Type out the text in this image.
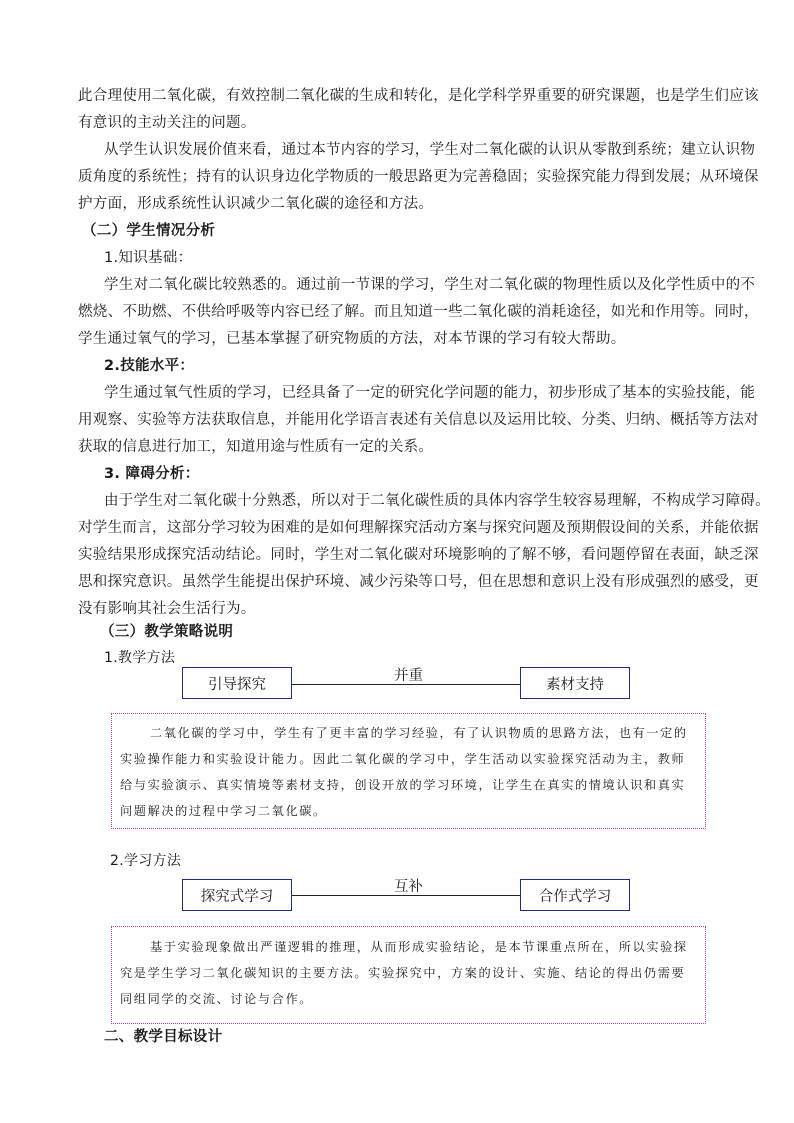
此合理使用二氧化碳，有效控制二氧化碳的生成和转化，是化学科学界重要的研究课题，也是学生们应该
有意识的主动关注的问题。
从学生认识发展价值来看，通过本节内容的学习，学生对二氧化碳的认识从零散到系统；建立认识物
质角度的系统性；持有的认识身边化学物质的一般思路更为完善稳固；实验探究能力得到发展；从环境保
护方面，形成系统性认识减少二氧化碳的途径和方法。
（二）学生情况分析
1.知识基础：
学生对二氧化碳比较熟悉的。通过前一节课的学习，学生对二氧化碳的物理性质以及化学性质中的不
燃烧、不助燃、不供给呼吸等内容已经了解。而且知道一些二氧化碳的消耗途径，如光和作用等。同时，
学生通过氧气的学习，已基本掌握了研究物质的方法，对本节课的学习有较大帮助。
2.技能水平：
学生通过氧气性质的学习，已经具备了一定的研究化学问题的能力，初步形成了基本的实验技能，能
用观察、实验等方法获取信息，并能用化学语言表述有关信息以及运用比较、分类、归纳、概括等方法对
获取的信息进行加工，知道用途与性质有一定的关系。
3. 障碍分析：
由于学生对二氧化碳十分熟悉，所以对于二氧化碳性质的具体内容学生较容易理解，不构成学习障碍。
对学生而言，这部分学习较为困难的是如何理解探究活动方案与探究问题及预期假设间的关系，并能依据
实验结果形成探究活动结论。同时，学生对二氧化碳对环境影响的了解不够，看问题停留在表面，缺乏深
思和探究意识。虽然学生能提出保护环境、减少污染等口号，但在思想和意识上没有形成强烈的感受，更
没有影响其社会生活行为。
（三）教学策略说明
1.教学方法
引导探究
并重
素材支持
二氧化碳的学习中，学生有了更丰富的学习经验，有了认识物质的思路方法，也有一定的
实验操作能力和实验设计能力。因此二氧化碳的学习中，学生活动以实验探究活动为主，教师
给与实验演示、真实情境等素材支持，创设开放的学习环境，让学生在真实的情境认识和真实
问题解决的过程中学习二氧化碳。
2.学习方法
探究式学习
互补
合作式学习
基于实验现象做出严谨逻辑的推理，从而形成实验结论，是本节课重点所在，所以实验探
究是学生学习二氧化碳知识的主要方法。实验探究中，方案的设计、实施、结论的得出仍需要
同组同学的交流、讨论与合作。
二、教学目标设计
